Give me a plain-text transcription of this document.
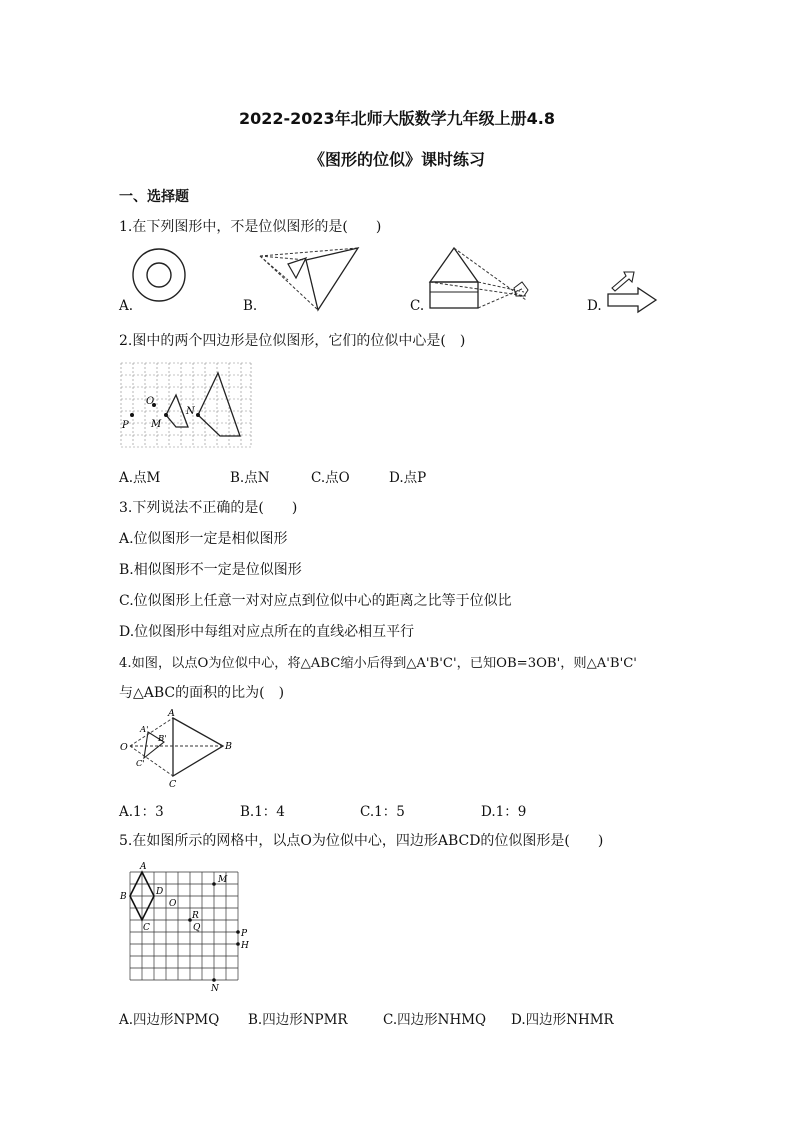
2022-2023年北师大版数学九年级上册4.8
《图形的位似》课时练习
一、选择题
1.在下列图形中，不是位似图形的是(　　)
A.	B.	C.	D.
2.图中的两个四边形是位似图形，它们的位似中心是(　)
O
M
N
P
A.点M	B.点N	C.点O	D.点P
3.下列说法不正确的是(　　)
A.位似图形一定是相似图形
B.相似图形不一定是位似图形
C.位似图形上任意一对对应点到位似中心的距离之比等于位似比
D.位似图形中每组对应点所在的直线必相互平行
4.如图，以点O为位似中心，将△ABC缩小后得到△A'B'C'，已知OB=3OB'，则△A'B'C'
与△ABC的面积的比为(　)
O
A'
B'
C'
A
B
C
A.1：3	B.1：4	C.1：5	D.1：9
5.在如图所示的网格中，以点O为位似中心，四边形ABCD的位似图形是(　　)
A
B
C
D
O
M
R
Q
P
H
N
A.四边形NPMQ B.四边形NPMR	C.四边形NHMQ D.四边形NHMR
